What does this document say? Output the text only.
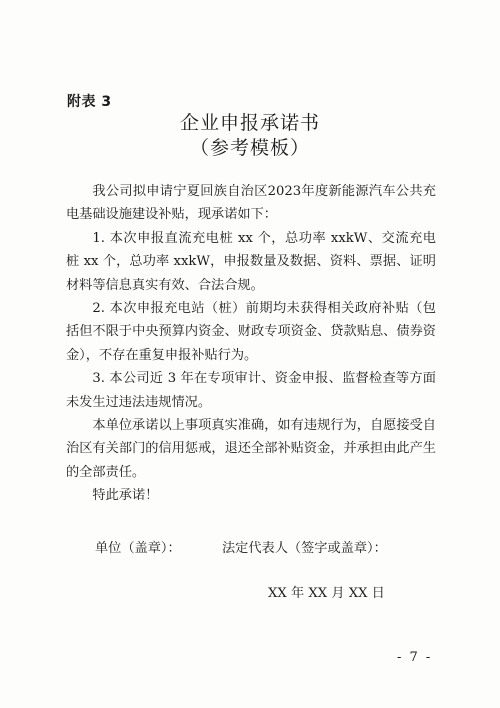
附表 3
企业申报承诺书
（参考模板）

我公司拟申请宁夏回族自治区2023年度新能源汽车公共充电基础设施建设补贴，现承诺如下：

1. 本次申报直流充电桩 xx 个，总功率 xxkW、交流充电桩 xx 个，总功率 xxkW，申报数量及数据、资料、票据、证明材料等信息真实有效、合法合规。

2. 本次申报充电站（桩）前期均未获得相关政府补贴（包括但不限于中央预算内资金、财政专项资金、贷款贴息、债券资金），不存在重复申报补贴行为。

3. 本公司近 3 年在专项审计、资金申报、监督检查等方面未发生过违法违规情况。

本单位承诺以上事项真实准确，如有违规行为，自愿接受自治区有关部门的信用惩戒，退还全部补贴资金，并承担由此产生的全部责任。

特此承诺！

单位（盖章）：	法定代表人（签字或盖章）：
XX 年 XX 月 XX 日
- 7 -
